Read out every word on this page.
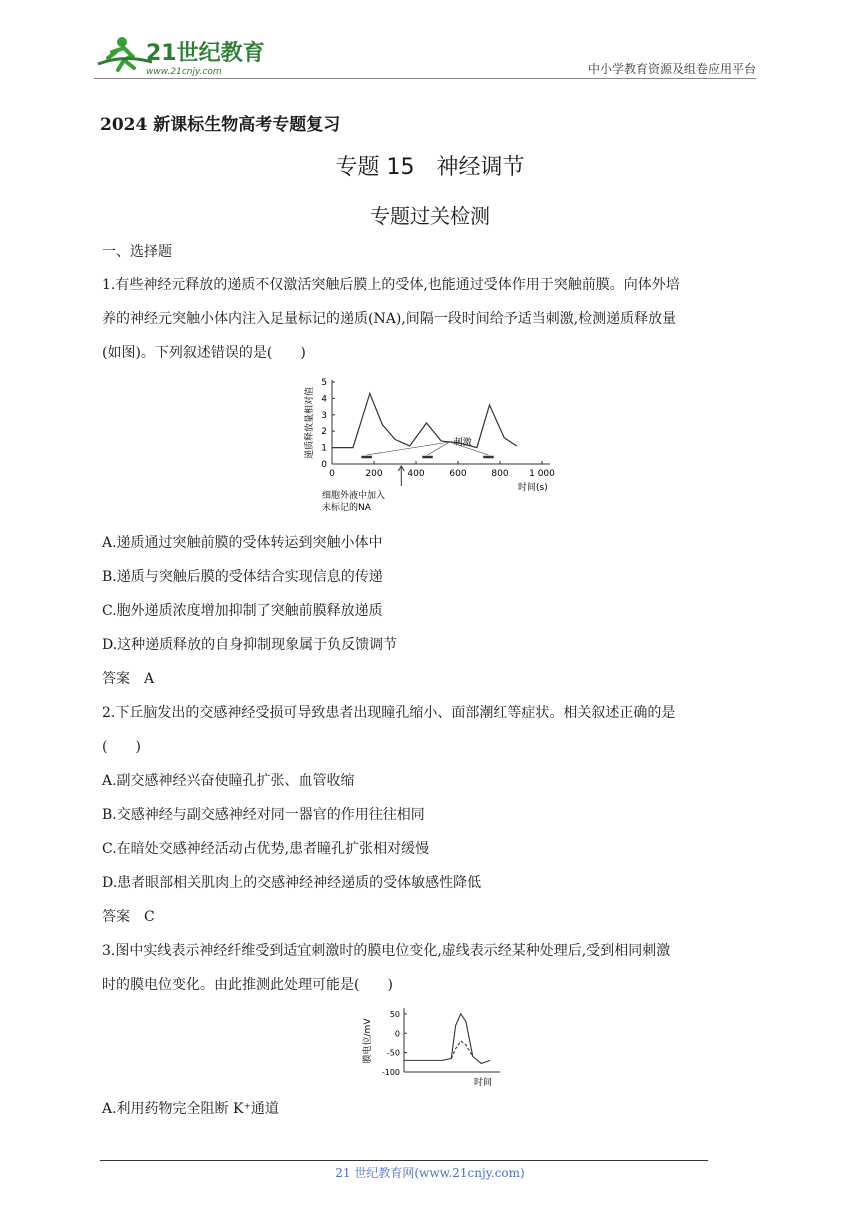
21世纪教育
www.21cnjy.com	中小学教育资源及组卷应用平台
2024 新课标生物高考专题复习
专题 15　神经调节
专题过关检测
一、选择题
1.有些神经元释放的递质不仅激活突触后膜上的受体,也能通过受体作用于突触前膜。向体外培
养的神经元突触小体内注入足量标记的递质(NA),间隔一段时间给予适当刺激,检测递质释放量
(如图)。下列叙述错误的是(　　)
递质释放量相对值
0
1
2
3
4
5
0	200	400	600	800 1 000
刺激
细胞外液中加入
未标记的NA
时间(s)
A.递质通过突触前膜的受体转运到突触小体中
B.递质与突触后膜的受体结合实现信息的传递
C.胞外递质浓度增加抑制了突触前膜释放递质
D.这种递质释放的自身抑制现象属于负反馈调节
答案　A
2.下丘脑发出的交感神经受损可导致患者出现瞳孔缩小、面部潮红等症状。相关叙述正确的是
(　　)
A.副交感神经兴奋使瞳孔扩张、血管收缩
B.交感神经与副交感神经对同一器官的作用往往相同
C.在暗处交感神经活动占优势,患者瞳孔扩张相对缓慢
D.患者眼部相关肌肉上的交感神经神经递质的受体敏感性降低
答案　C
3.图中实线表示神经纤维受到适宜刺激时的膜电位变化,虚线表示经某种处理后,受到相同刺激
时的膜电位变化。由此推测此处理可能是(　　)
膜电位/mV
50
0
-50
-100
时间
A.利用药物完全阻断 K⁺通道
21 世纪教育网(www.21cnjy.com)
